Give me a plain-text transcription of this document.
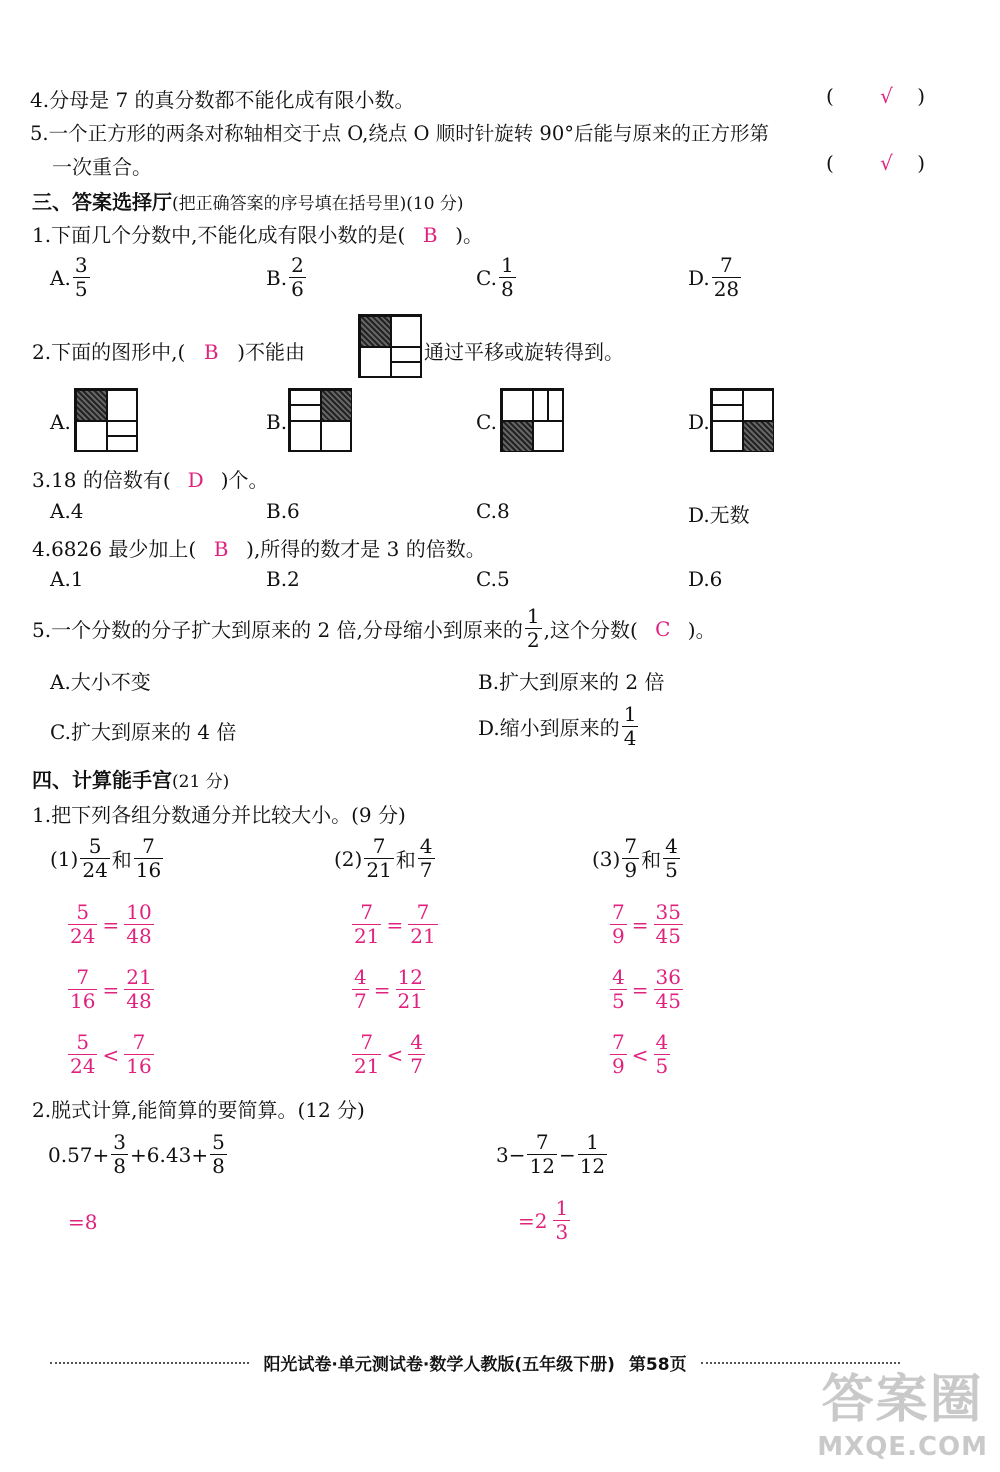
4.分母是 7 的真分数都不能化成有限小数。	( √ )
5.一个正方形的两条对称轴相交于点 O,绕点 O 顺时针旋转 90°后能与原来的正方形第
一次重合。	( √ )
三、答案选择厅(把正确答案的序号填在括号里)(10 分)
1.下面几个分数中,不能化成有限小数的是( B )。
A. $\frac{3}{5}$	B. $\frac{2}{6}$	C. $\frac{1}{8}$	D. $\frac{7}{28}$
2.下面的图形中,( B )不能由	通过平移或旋转得到。
A.	B.	C.	D.
3.18 的倍数有( D )个。
A.4	B.6	C.8	D.无数
4.6826 最少加上( B ),所得的数才是 3 的倍数。
A.1	B.2	C.5	D.6
5.一个分数的分子扩大到原来的 2 倍,分母缩小到原来的 $\frac{1}{2}$ ,这个分数( C )。
A.大小不变	B.扩大到原来的 2 倍
C.扩大到原来的 4 倍	D.缩小到原来的 $\frac{1}{4}$
四、计算能手宫(21 分)
1.把下列各组分数通分并比较大小。(9 分)
$(1) \frac{5}{24}$ 和 $\frac{7}{16}$
$\frac{5}{24} = \frac{10}{48}$
$\frac{7}{16} = \frac{21}{48}$
$\frac{5}{24} < \frac{7}{16}$
$(2) \frac{7}{21}$ 和 $\frac{4}{7}$
$\frac{7}{21} = \frac{7}{21}$
$\frac{4}{7} = \frac{12}{21}$
$\frac{7}{21} < \frac{4}{7}$
$(3) \frac{7}{9}$ 和 $\frac{4}{5}$
$\frac{7}{9} = \frac{35}{45}$
$\frac{4}{5} = \frac{36}{45}$
$\frac{7}{9} < \frac{4}{5}$
2.脱式计算,能简算的要简算。(12 分)
$0.57+ \frac{3}{8} +6.43+ \frac{5}{8}$
=8
$3- \frac{7}{12} - \frac{1}{12}$
$=2 \frac{1}{3}$
阳光试卷·单元测试卷·数学人教版(五年级下册) 第58页
答案圈
MXQE.COM
